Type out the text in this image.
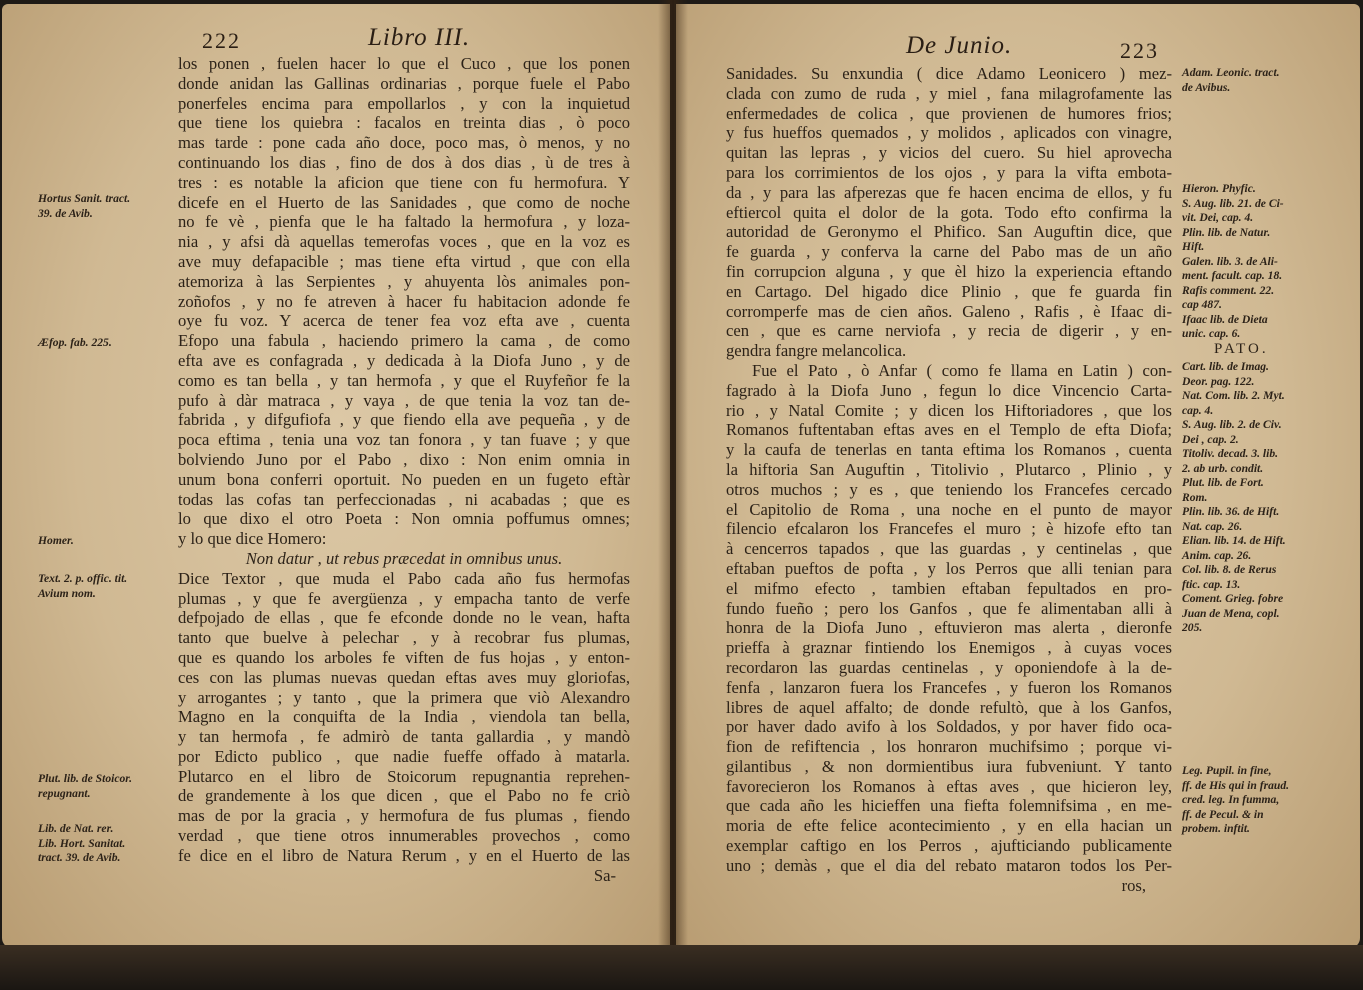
222	Libro III.
Hortus Sanit. tract.
39. de Avib.
Æfop. fab. 225.
Homer.
Text. 2. p. offic. tit.
Avium nom.
Plut. lib. de Stoicor.
repugnant.
Lib. de Nat. rer.
Lib. Hort. Sanitat.
tract. 39. de Avib.
los ponen , fuelen hacer lo que el Cuco , que los ponen
donde anidan las Gallinas ordinarias , porque fuele el Pabo
ponerfeles encima para empollarlos , y con la inquietud
que tiene los quiebra : facalos en treinta dias , ò poco
mas tarde : pone cada año doce, poco mas, ò menos, y no
continuando los dias , fino de dos à dos dias , ù de tres à
tres : es notable la aficion que tiene con fu hermofura. Y
dicefe en el Huerto de las Sanidades , que como de noche
no fe vè , pienfa que le ha faltado la hermofura , y loza-
nia , y afsi dà aquellas temerofas voces , que en la voz es
ave muy defapacible ; mas tiene efta virtud , que con ella
atemoriza à las Serpientes , y ahuyenta lòs animales pon-
zoñofos , y no fe atreven à hacer fu habitacion adonde fe
oye fu voz. Y acerca de tener fea voz efta ave , cuenta
Efopo una fabula , haciendo primero la cama , de como
efta ave es confagrada , y dedicada à la Diofa Juno , y de
como es tan bella , y tan hermofa , y que el Ruyfeñor fe la
pufo à dàr matraca , y vaya , de que tenia la voz tan de-
fabrida , y difgufiofa , y que fiendo ella ave pequeña , y de
poca eftima , tenia una voz tan fonora , y tan fuave ; y que
bolviendo Juno por el Pabo , dixo : Non enim omnia in
unum bona conferri oportuit. No pueden en un fugeto eftàr
todas las cofas tan perfeccionadas , ni acabadas ; que es
lo que dixo el otro Poeta : Non omnia poffumus omnes;
y lo que dice Homero:
Non datur , ut rebus præcedat in omnibus unus.
Dice Textor , que muda el Pabo cada año fus hermofas
plumas , y que fe avergüenza , y empacha tanto de verfe
defpojado de ellas , que fe efconde donde no le vean, hafta
tanto que buelve à pelechar , y à recobrar fus plumas,
que es quando los arboles fe viften de fus hojas , y enton-
ces con las plumas nuevas quedan eftas aves muy gloriofas,
y arrogantes ; y tanto , que la primera que viò Alexandro
Magno en la conquifta de la India , viendola tan bella,
y tan hermofa , fe admirò de tanta gallardia , y mandò
por Edicto publico , que nadie fueffe offado à matarla.
Plutarco en el libro de Stoicorum repugnantia reprehen-
de grandemente à los que dicen , que el Pabo no fe criò
mas de por la gracia , y hermofura de fus plumas , fiendo
verdad , que tiene otros innumerables provechos , como
fe dice en el libro de Natura Rerum , y en el Huerto de las
Sa-
De Junio.	223
Sanidades. Su enxundia ( dice Adamo Leonicero ) mez-
clada con zumo de ruda , y miel , fana milagrofamente las
enfermedades de colica , que provienen de humores frios;
y fus hueffos quemados , y molidos , aplicados con vinagre,
quitan las lepras , y vicios del cuero. Su hiel aprovecha
para los corrimientos de los ojos , y para la vifta embota-
da , y para las afperezas que fe hacen encima de ellos, y fu
eftiercol quita el dolor de la gota. Todo efto confirma la
autoridad de Geronymo el Phifico. San Auguftin dice, que
fe guarda , y conferva la carne del Pabo mas de un año
fin corrupcion alguna , y que èl hizo la experiencia eftando
en Cartago. Del higado dice Plinio , que fe guarda fin
corromperfe mas de cien años. Galeno , Rafis , è Ifaac di-
cen , que es carne nerviofa , y recia de digerir , y en-
gendra fangre melancolica.
Fue el Pato , ò Anfar ( como fe llama en Latin ) con-
fagrado à la Diofa Juno , fegun lo dice Vincencio Carta-
rio , y Natal Comite ; y dicen los Hiftoriadores , que los
Romanos fuftentaban eftas aves en el Templo de efta Diofa;
y la caufa de tenerlas en tanta eftima los Romanos , cuenta
la hiftoria San Auguftin , Titolivio , Plutarco , Plinio , y
otros muchos ; y es , que teniendo los Francefes cercado
el Capitolio de Roma , una noche en el punto de mayor
filencio efcalaron los Francefes el muro ; è hizofe efto tan
à cencerros tapados , que las guardas , y centinelas , que
eftaban pueftos de pofta , y los Perros que alli tenian para
el mifmo efecto , tambien eftaban fepultados en pro-
fundo fueño ; pero los Ganfos , que fe alimentaban alli à
honra de la Diofa Juno , eftuvieron mas alerta , dieronfe
prieffa à graznar fintiendo los Enemigos , à cuyas voces
recordaron las guardas centinelas , y oponiendofe à la de-
fenfa , lanzaron fuera los Francefes , y fueron los Romanos
libres de aquel affalto; de donde refultò, que à los Ganfos,
por haver dado avifo à los Soldados, y por haver fido oca-
fion de refiftencia , los honraron muchifsimo ; porque vi-
gilantibus , & non dormientibus iura fubveniunt. Y tanto
favorecieron los Romanos à eftas aves , que hicieron ley,
que cada año les hicieffen una fiefta folemnifsima , en me-
moria de efte felice acontecimiento , y en ella hacian un
exemplar caftigo en los Perros , ajufticiando publicamente
uno ; demàs , que el dia del rebato mataron todos los Per-
ros,
Adam. Leonic. tract.
de Avibus.
Hieron. Phyfic.
S. Aug. lib. 21. de Ci-
vit. Dei, cap. 4.
Plin. lib. de Natur.
Hift.
Galen. lib. 3. de Ali-
ment. facult. cap. 18.
Rafis comment. 22.
cap 487.
Ifaac lib. de Dieta
unic. cap. 6.
PATO.
Cart. lib. de Imag.
Deor. pag. 122.
Nat. Com. lib. 2. Myt.
cap. 4.
S. Aug. lib. 2. de Civ.
Dei , cap. 2.
Titoliv. decad. 3. lib.
2. ab urb. condit.
Plut. lib. de Fort.
Rom.
Plin. lib. 36. de Hift.
Nat. cap. 26.
Elian. lib. 14. de Hift.
Anim. cap. 26.
Col. lib. 8. de Rerus
ftic. cap. 13.
Coment. Grieg. fobre
Juan de Mena, copl.
205.
Leg. Pupil. in fine,
ff. de His qui in fraud.
cred. leg. In fumma,
ff. de Pecul. & in
probem. inftit.
